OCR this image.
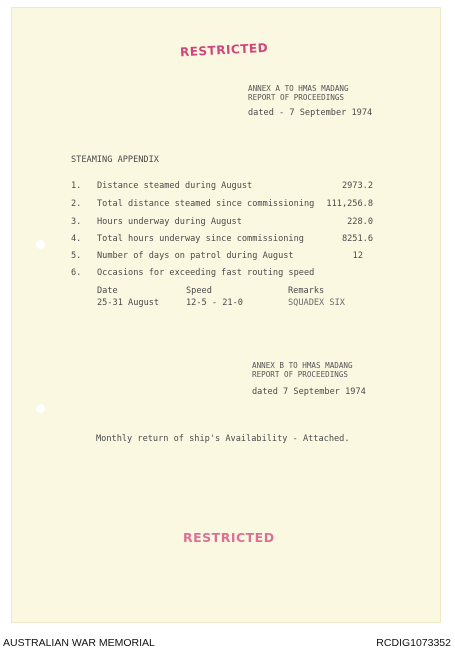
RESTRICTED
ANNEX A TO HMAS MADANG
REPORT OF PROCEEDINGS
dated - 7 September 1974
STEAMING APPENDIX
1. Distance steamed during August	2973.2
2. Total distance steamed since commissioning 111,256.8
3. Hours underway during August	228.0
4. Total hours underway since commissioning	8251.6
5. Number of days on patrol during August	12
6. Occasions for exceeding fast routing speed
Date	Speed	Remarks
25-31 August	12-5 - 21-0	SQUADEX SIX
ANNEX B TO HMAS MADANG
REPORT OF PROCEEDINGS
dated 7 September 1974
Monthly return of ship's Availability - Attached.
RESTRICTED
AUSTRALIAN WAR MEMORIAL	RCDIG1073352
